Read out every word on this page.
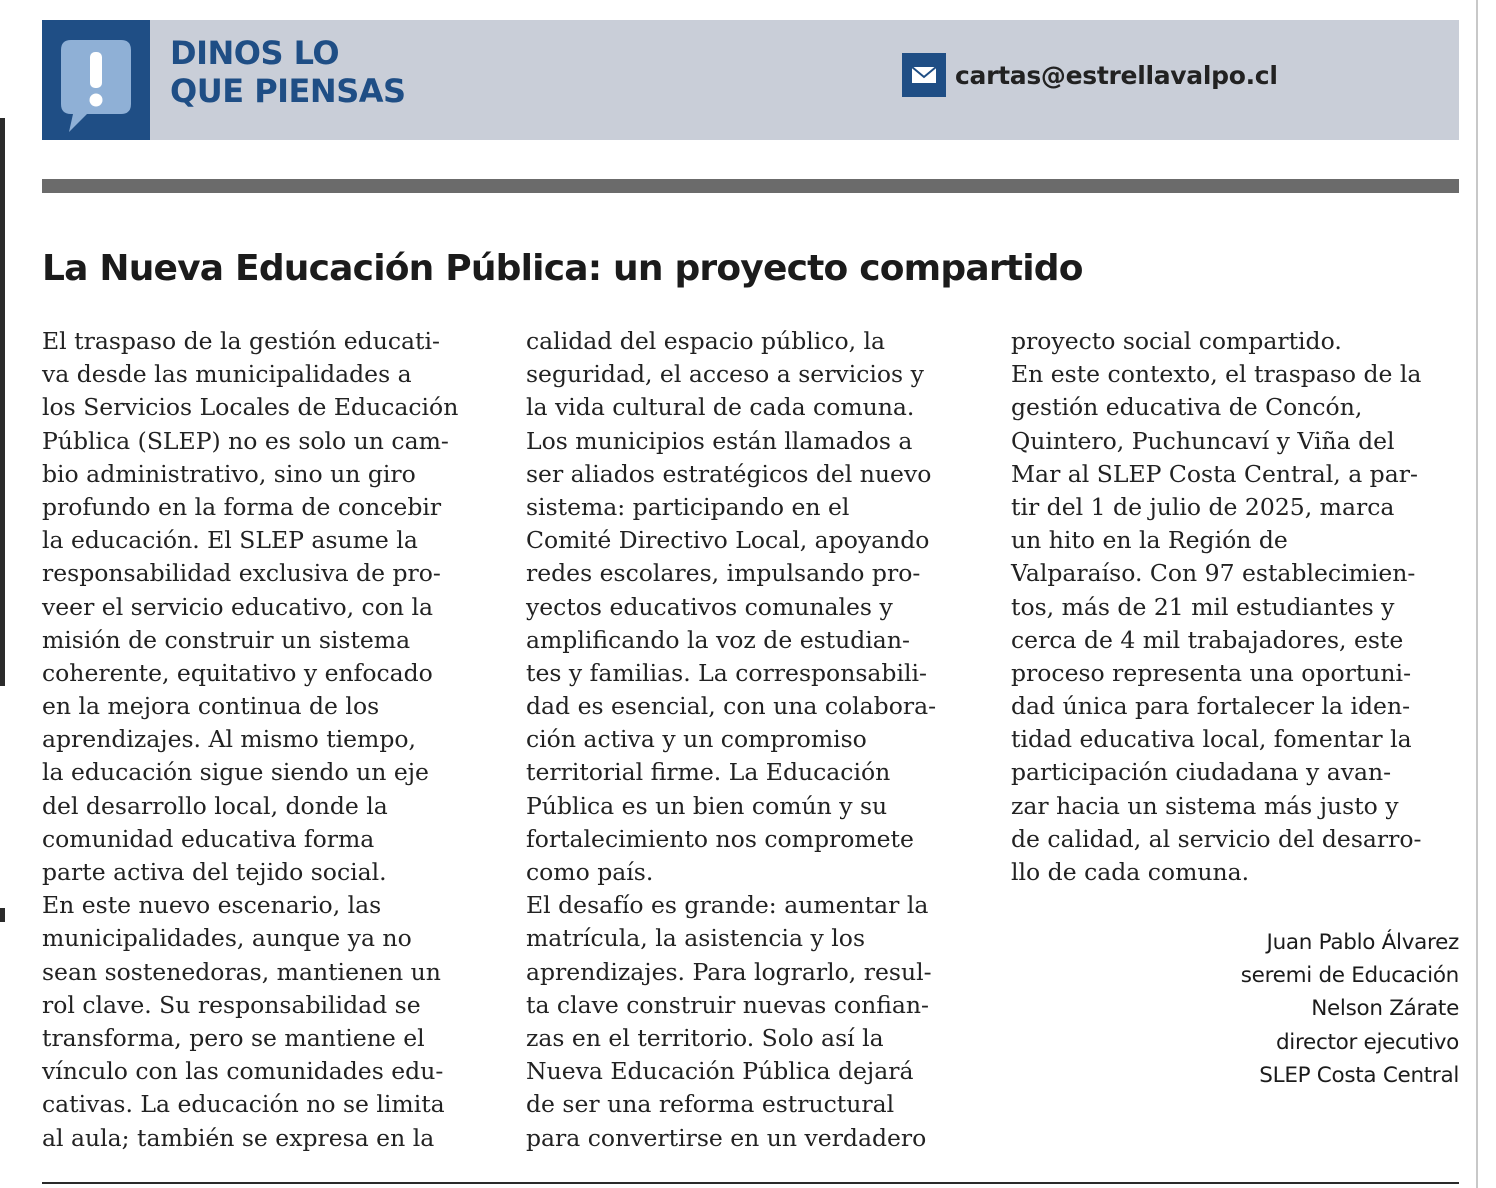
DINOS LO
QUE PIENSAS	cartas@estrellavalpo.cl
La Nueva Educación Pública: un proyecto compartido
El traspaso de la gestión educati-
va desde las municipalidades a
los Servicios Locales de Educación
Pública (SLEP) no es solo un cam-
bio administrativo, sino un giro
profundo en la forma de concebir
la educación. El SLEP asume la
responsabilidad exclusiva de pro-
veer el servicio educativo, con la
misión de construir un sistema
coherente, equitativo y enfocado
en la mejora continua de los
aprendizajes. Al mismo tiempo,
la educación sigue siendo un eje
del desarrollo local, donde la
comunidad educativa forma
parte activa del tejido social.
En este nuevo escenario, las
municipalidades, aunque ya no
sean sostenedoras, mantienen un
rol clave. Su responsabilidad se
transforma, pero se mantiene el
vínculo con las comunidades edu-
cativas. La educación no se limita
al aula; también se expresa en la
calidad del espacio público, la
seguridad, el acceso a servicios y
la vida cultural de cada comuna.
Los municipios están llamados a
ser aliados estratégicos del nuevo
sistema: participando en el
Comité Directivo Local, apoyando
redes escolares, impulsando pro-
yectos educativos comunales y
amplificando la voz de estudian-
tes y familias. La corresponsabili-
dad es esencial, con una colabora-
ción activa y un compromiso
territorial firme. La Educación
Pública es un bien común y su
fortalecimiento nos compromete
como país.
El desafío es grande: aumentar la
matrícula, la asistencia y los
aprendizajes. Para lograrlo, resul-
ta clave construir nuevas confian-
zas en el territorio. Solo así la
Nueva Educación Pública dejará
de ser una reforma estructural
para convertirse en un verdadero
proyecto social compartido.
En este contexto, el traspaso de la
gestión educativa de Concón,
Quintero, Puchuncaví y Viña del
Mar al SLEP Costa Central, a par-
tir del 1 de julio de 2025, marca
un hito en la Región de
Valparaíso. Con 97 establecimien-
tos, más de 21 mil estudiantes y
cerca de 4 mil trabajadores, este
proceso representa una oportuni-
dad única para fortalecer la iden-
tidad educativa local, fomentar la
participación ciudadana y avan-
zar hacia un sistema más justo y
de calidad, al servicio del desarro-
llo de cada comuna.
Juan Pablo Álvarez
seremi de Educación
Nelson Zárate
director ejecutivo
SLEP Costa Central
